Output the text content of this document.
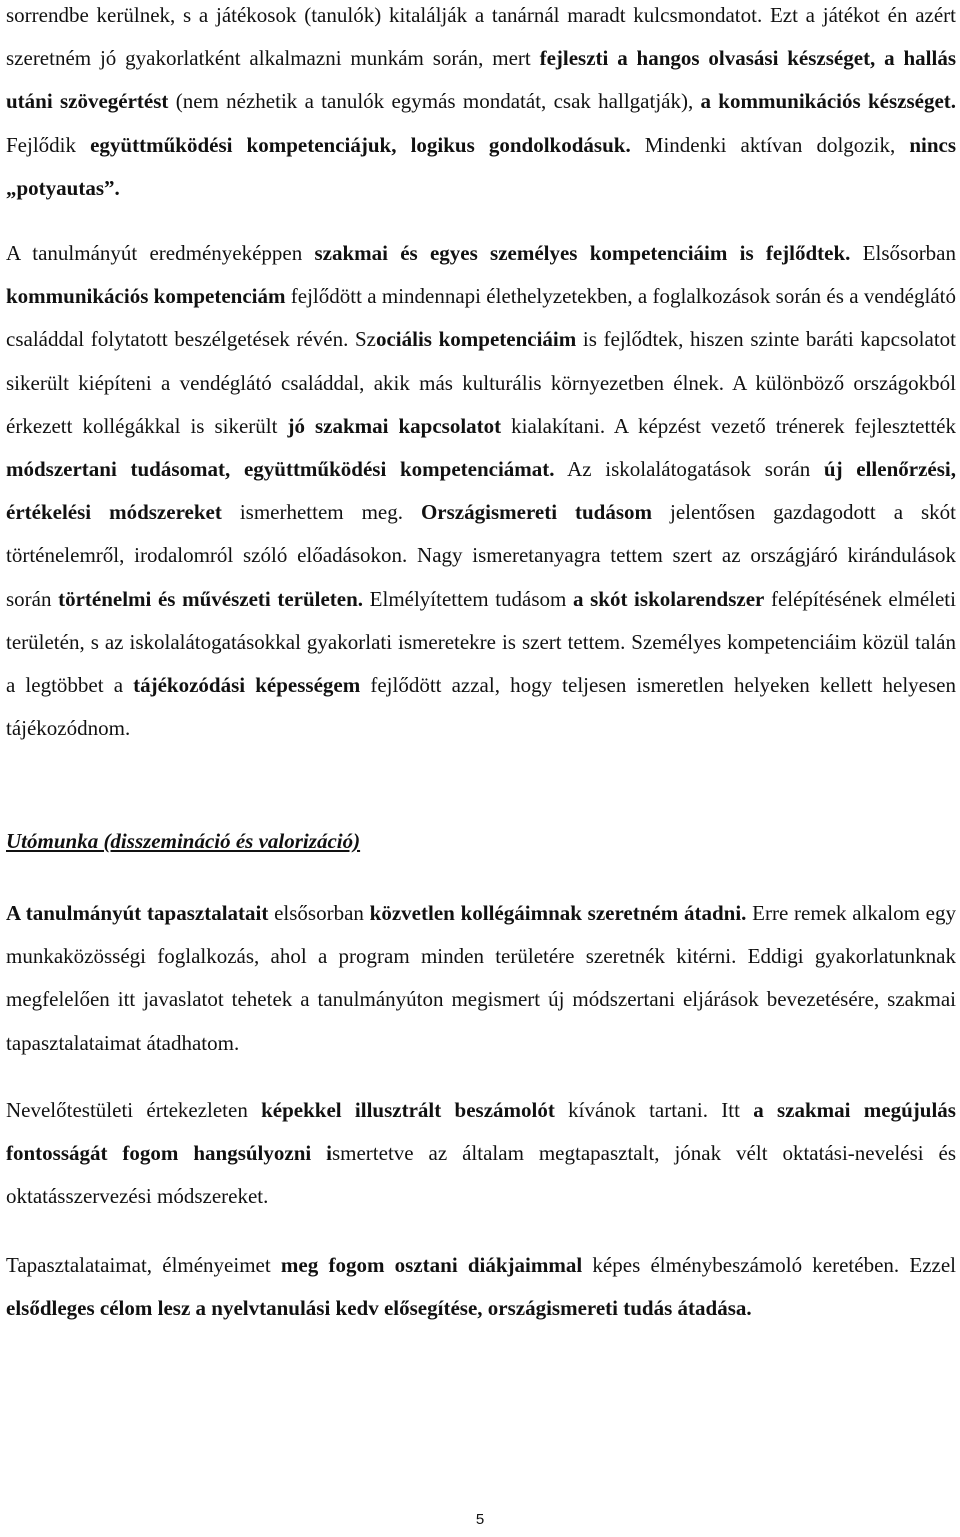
sorrendbe kerülnek, s a játékosok (tanulók) kitalálják a tanárnál maradt kulcsmondatot. Ezt a játékot én azért szeretném jó gyakorlatként alkalmazni munkám során, mert fejleszti a hangos olvasási készséget, a hallás utáni szövegértést (nem nézhetik a tanulók egymás mondatát, csak hallgatják), a kommunikációs készséget. Fejlődik együttműködési kompetenciájuk, logikus gondolkodásuk. Mindenki aktívan dolgozik, nincs „potyautas”.

A tanulmányút eredményeképpen szakmai és egyes személyes kompetenciáim is fejlődtek. Elsősorban kommunikációs kompetenciám fejlődött a mindennapi élethelyzetekben, a foglalkozások során és a vendéglátó családdal folytatott beszélgetések révén. Szociális kompetenciáim is fejlődtek, hiszen szinte baráti kapcsolatot sikerült kiépíteni a vendéglátó családdal, akik más kulturális környezetben élnek. A különböző országokból érkezett kollégákkal is sikerült jó szakmai kapcsolatot kialakítani. A képzést vezető trénerek fejlesztették módszertani tudásomat, együttműködési kompetenciámat. Az iskolalátogatások során új ellenőrzési, értékelési módszereket ismerhettem meg. Országismereti tudásom jelentősen gazdagodott a skót történelemről, irodalomról szóló előadásokon. Nagy ismeretanyagra tettem szert az országjáró kirándulások során történelmi és művészeti területen. Elmélyítettem tudásom a skót iskolarendszer felépítésének elméleti területén, s az iskolalátogatásokkal gyakorlati ismeretekre is szert tettem. Személyes kompetenciáim közül talán a legtöbbet a tájékozódási képességem fejlődött azzal, hogy teljesen ismeretlen helyeken kellett helyesen tájékozódnom.

Utómunka (disszemináció és valorizáció)

A tanulmányút tapasztalatait elsősorban közvetlen kollégáimnak szeretném átadni. Erre remek alkalom egy munkaközösségi foglalkozás, ahol a program minden területére szeretnék kitérni. Eddigi gyakorlatunknak megfelelően itt javaslatot tehetek a tanulmányúton megismert új módszertani eljárások bevezetésére, szakmai tapasztalataimat átadhatom.

Nevelőtestületi értekezleten képekkel illusztrált beszámolót kívánok tartani. Itt a szakmai megújulás fontosságát fogom hangsúlyozni ismertetve az általam megtapasztalt, jónak vélt oktatási-nevelési és oktatásszervezési módszereket.

Tapasztalataimat, élményeimet meg fogom osztani diákjaimmal képes élménybeszámoló keretében. Ezzel elsődleges célom lesz a nyelvtanulási kedv elősegítése, országismereti tudás átadása.

5
